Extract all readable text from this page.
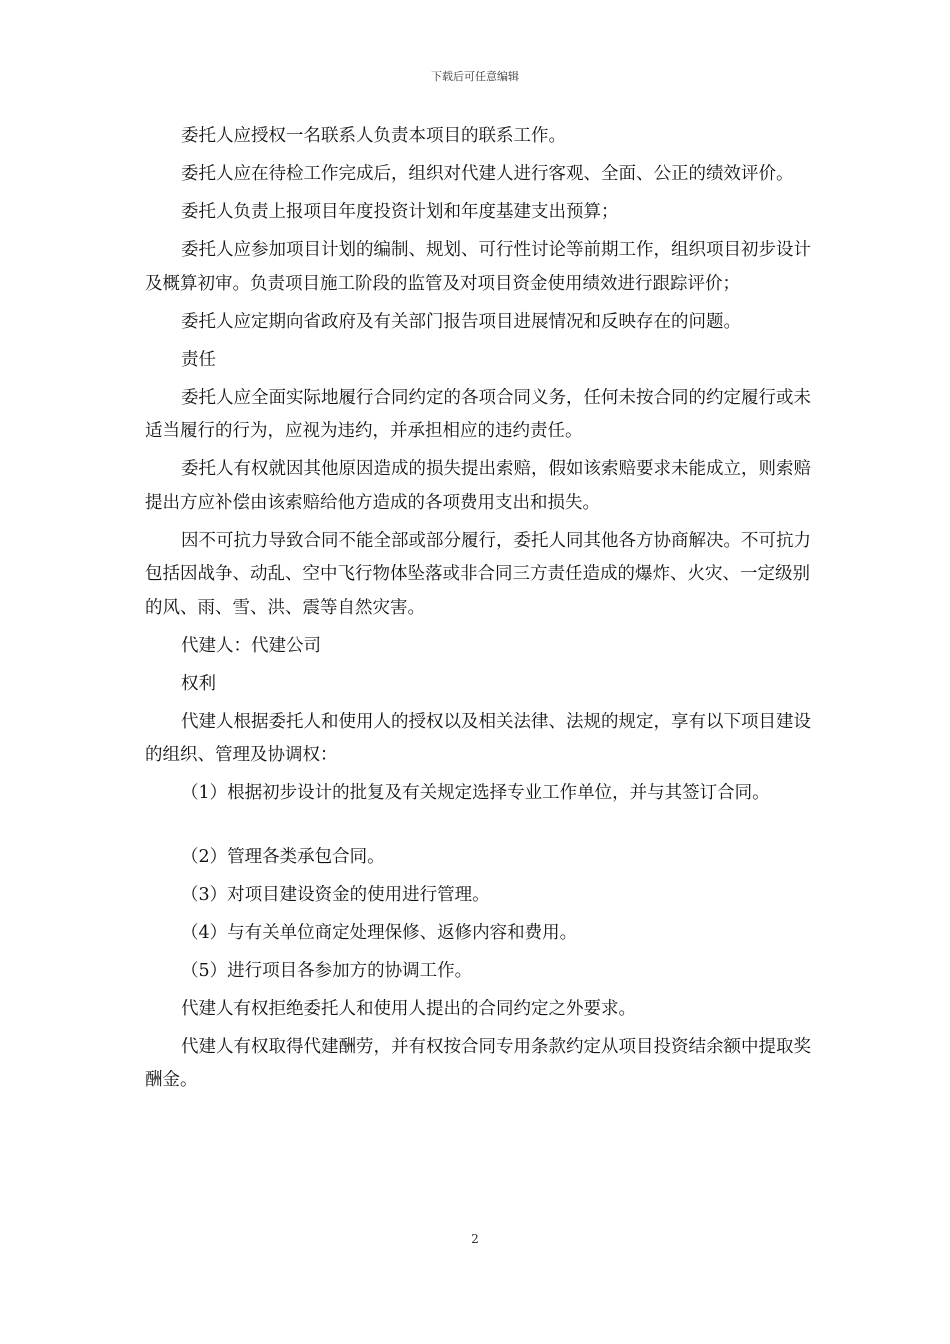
下载后可任意编辑

委托人应授权一名联系人负责本项目的联系工作。

委托人应在待检工作完成后，组织对代建人进行客观、全面、公正的绩效评价。

委托人负责上报项目年度投资计划和年度基建支出预算；

委托人应参加项目计划的编制、规划、可行性讨论等前期工作，组织项目初步设计及概算初审。负责项目施工阶段的监管及对项目资金使用绩效进行跟踪评价；

委托人应定期向省政府及有关部门报告项目进展情况和反映存在的问题。

责任

委托人应全面实际地履行合同约定的各项合同义务，任何未按合同的约定履行或未适当履行的行为，应视为违约，并承担相应的违约责任。

委托人有权就因其他原因造成的损失提出索赔，假如该索赔要求未能成立，则索赔提出方应补偿由该索赔给他方造成的各项费用支出和损失。

因不可抗力导致合同不能全部或部分履行，委托人同其他各方协商解决。不可抗力包括因战争、动乱、空中飞行物体坠落或非合同三方责任造成的爆炸、火灾、一定级别的风、雨、雪、洪、震等自然灾害。

代建人：代建公司

权利

代建人根据委托人和使用人的授权以及相关法律、法规的规定，享有以下项目建设的组织、管理及协调权：

（1）根据初步设计的批复及有关规定选择专业工作单位，并与其签订合同。

（2）管理各类承包合同。

（3）对项目建设资金的使用进行管理。

（4）与有关单位商定处理保修、返修内容和费用。

（5）进行项目各参加方的协调工作。

代建人有权拒绝委托人和使用人提出的合同约定之外要求。

代建人有权取得代建酬劳，并有权按合同专用条款约定从项目投资结余额中提取奖酬金。

2
